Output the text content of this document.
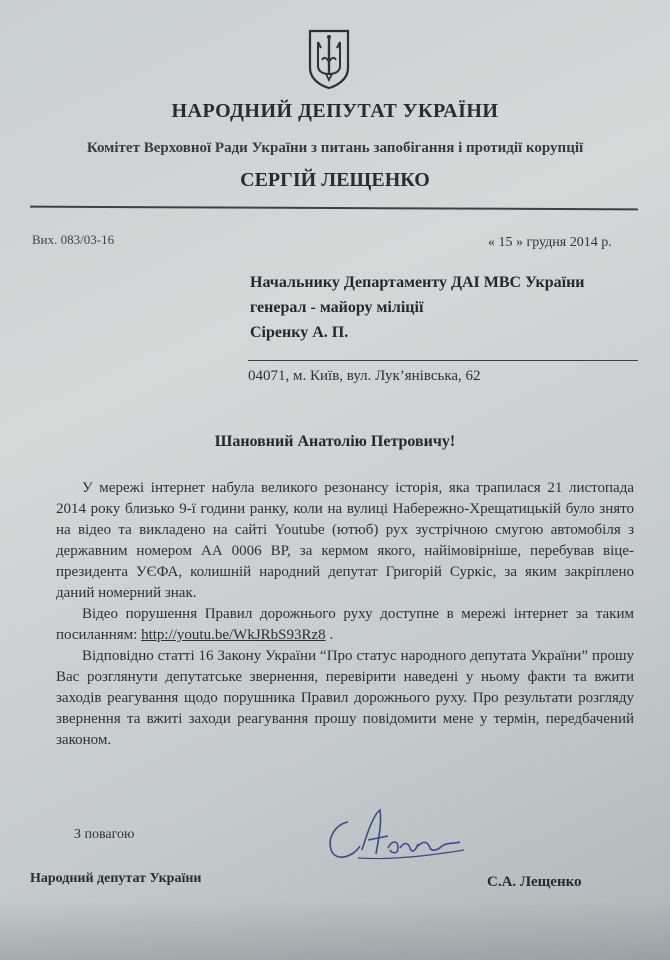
НАРОДНИЙ ДЕПУТАТ УКРАЇНИ
Комітет Верховної Ради України з питань запобігання і протидії корупції
СЕРГІЙ ЛЕЩЕНКО
Вих. 083/03-16	« 15 » грудня 2014 р.
Начальнику Департаменту ДАІ МВС України
генерал - майору міліції
Сіренку А. П.
04071, м. Київ, вул. Лук’янівська, 62
Шановний Анатолію Петровичу!

У мережі інтернет набула великого резонансу історія, яка трапилася 21 листопада 2014 року близько 9-ї години ранку, коли на вулиці Набережно-Хрещатицькій було знято на відео та викладено на сайті Youtube (ютюб) рух зустрічною смугою автомобіля з державним номером АА 0006 ВР, за кермом якого, найімовірніше, перебував віце-президента УЄФА, колишній народний депутат Григорій Суркіс, за яким закріплено даний номерний знак.

Відео порушення Правил дорожнього руху доступне в мережі інтернет за таким посиланням: http://youtu.be/WkJRbS93Rz8 .

Відповідно статті 16 Закону України “Про статус народного депутата України” прошу Вас розглянути депутатське звернення, перевірити наведені у ньому факти та вжити заходів реагування щодо порушника Правил дорожнього руху. Про результати розгляду звернення та вжиті заходи реагування прошу повідомити мене у термін, передбачений законом.

З повагою
Народний депутат України	С.А. Лещенко
